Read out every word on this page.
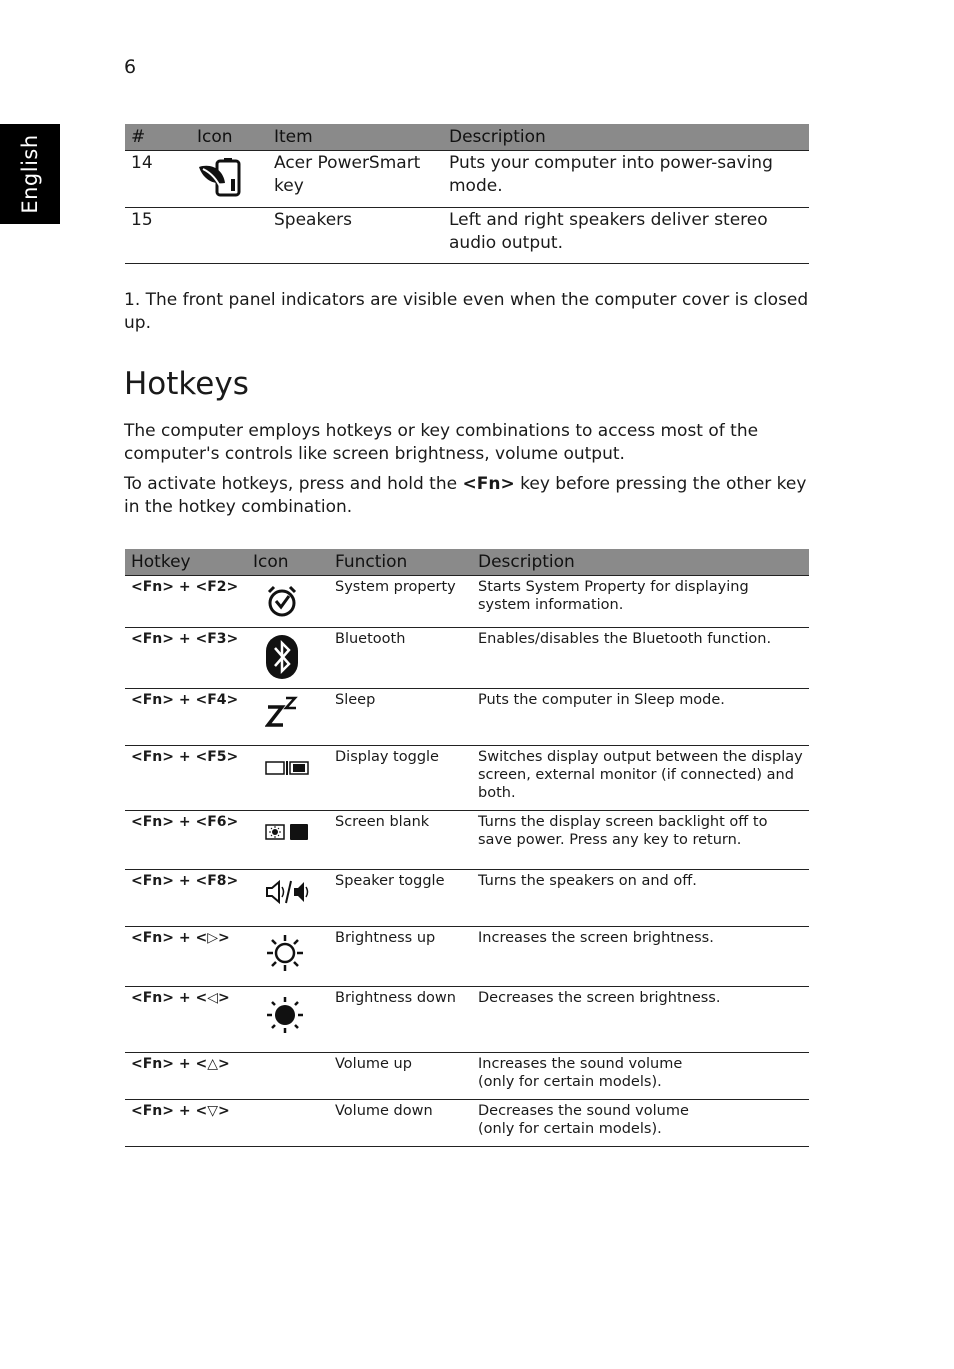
6
English	#	Icon	Item	Description
14		Acer PowerSmart key	Puts your computer into power-saving mode.
15		Speakers	Left and right speakers deliver stereo audio output.

1. The front panel indicators are visible even when the computer cover is closed up.

Hotkeys

The computer employs hotkeys or key combinations to access most of the computer's controls like screen brightness, volume output.

To activate hotkeys, press and hold the <Fn> key before pressing the other key in the hotkey combination.

Hotkey	Icon	Function	Description
<Fn> + <F2>		System property	Starts System Property for displaying system information.
<Fn> + <F3>		Bluetooth	Enables/disables the Bluetooth function.
<Fn> + <F4>		Sleep	Puts the computer in Sleep mode.
<Fn> + <F5>		Display toggle	Switches display output between the display screen, external monitor (if connected) and both.
<Fn> + <F6>		Screen blank	Turns the display screen backlight off to save power. Press any key to return.
<Fn> + <F8>		Speaker toggle	Turns the speakers on and off.
<Fn> + <▷>		Brightness up	Increases the screen brightness.
<Fn> + <◁>		Brightness down	Decreases the screen brightness.
<Fn> + <△>		Volume up	Increases the sound volume
(only for certain models).
<Fn> + <▽>		Volume down	Decreases the sound volume
(only for certain models).
